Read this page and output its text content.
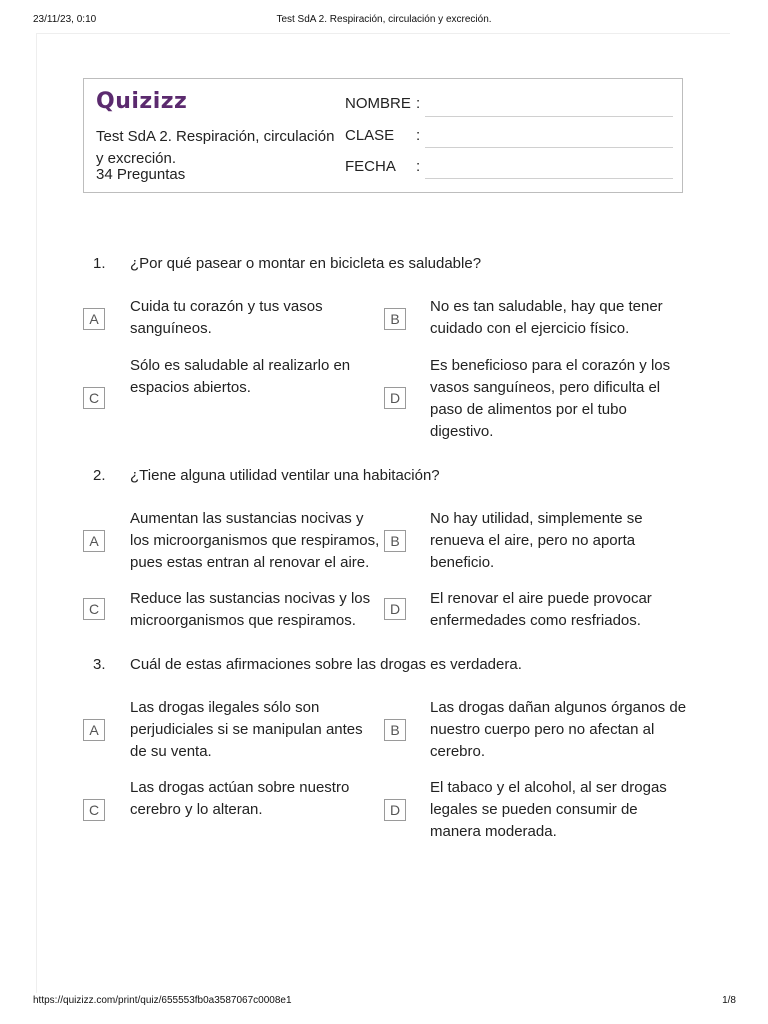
23/11/23, 0:10	Test SdA 2. Respiración, circulación y excreción.
Quizizz
Test SdA 2. Respiración, circulación y excreción.
34 Preguntas
NOMBRE :
CLASE :
FECHA :
1. ¿Por qué pasear o montar en bicicleta es saludable?
A
Cuida tu corazón y tus vasos sanguíneos.
B
No es tan saludable, hay que tener cuidado con el ejercicio físico.
C
Sólo es saludable al realizarlo en espacios abiertos.
D
Es beneficioso para el corazón y los vasos sanguíneos, pero dificulta el paso de alimentos por el tubo digestivo.
2. ¿Tiene alguna utilidad ventilar una habitación?
A
Aumentan las sustancias nocivas y los microorganismos que respiramos, pues estas entran al renovar el aire.
B
No hay utilidad, simplemente se renueva el aire, pero no aporta beneficio.
C
Reduce las sustancias nocivas y los microorganismos que respiramos.
D
El renovar el aire puede provocar enfermedades como resfriados.
3. Cuál de estas afirmaciones sobre las drogas es verdadera.
A
Las drogas ilegales sólo son perjudiciales si se manipulan antes de su venta.
B
Las drogas dañan algunos órganos de nuestro cuerpo pero no afectan al cerebro.
C
Las drogas actúan sobre nuestro cerebro y lo alteran.	D
El tabaco y el alcohol, al ser drogas legales se pueden consumir de manera moderada.
https://quizizz.com/print/quiz/655553fb0a3587067c0008e1	1/8
